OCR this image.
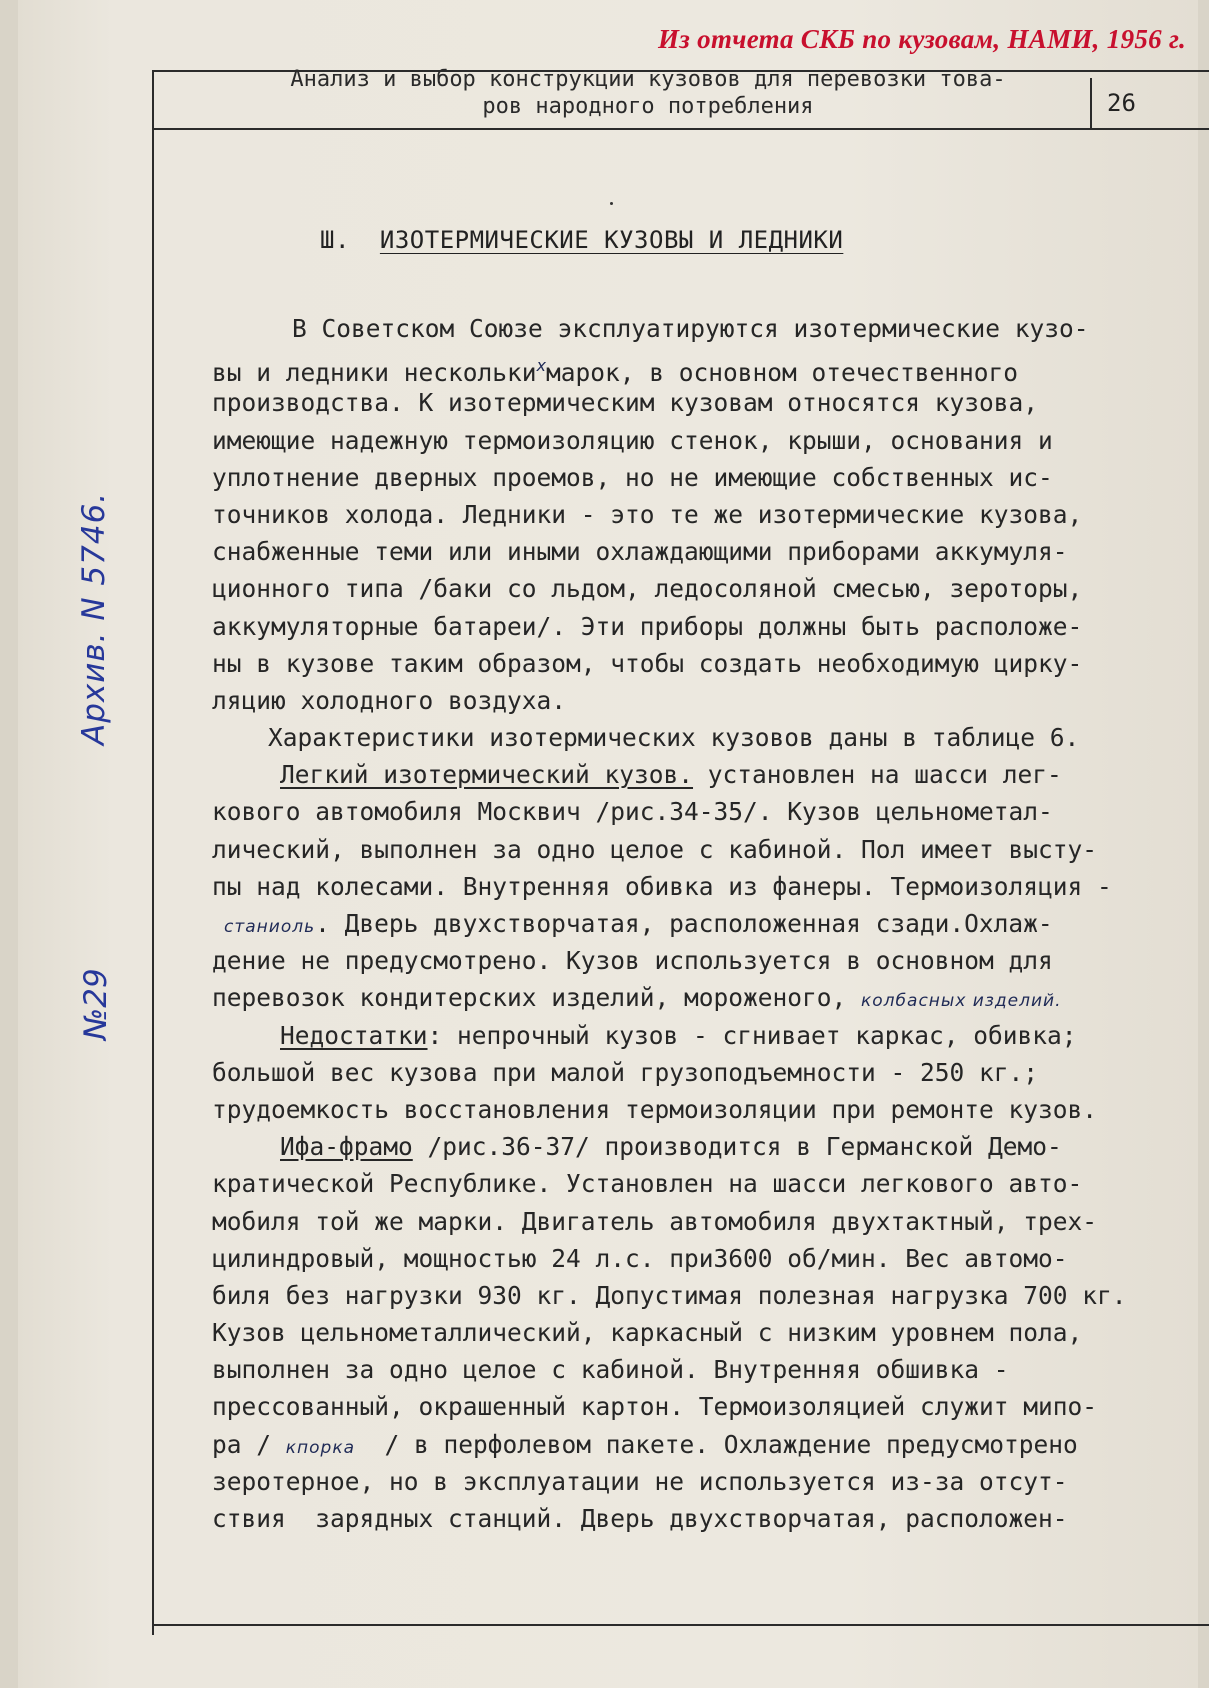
Из отчета СКБ по кузовам, НАМИ, 1956 г.
Анализ и выбор конструкции кузовов для перевозки това-
ров народного потребления	26
Ш. ИЗОТЕРМИЧЕСКИЕ КУЗОВЫ И ЛЕДНИКИ
Архив. N 5746.
№29
В Советском Союзе эксплуатируются изотермические кузо-
вы и ледники нескольки$^х$марок, в основном отечественного
производства. К изотермическим кузовам относятся кузова,
имеющие надежную термоизоляцию стенок, крыши, основания и
уплотнение дверных проемов, но не имеющие собственных ис-
точников холода. Ледники - это те же изотермические кузова,
снабженные теми или иными охлаждающими приборами аккумуля-
ционного типа /баки со льдом, ледосоляной смесью, зероторы,
аккумуляторные батареи/. Эти приборы должны быть расположе-
ны в кузове таким образом, чтобы создать необходимую цирку-
ляцию холодного воздуха.
Характеристики изотермических кузовов даны в таблице 6.
Легкий изотермический кузов. установлен на шасси лег-
кового автомобиля Москвич /рис.34-35/. Кузов цельнометал-
лический, выполнен за одно целое с кабиной. Пол имеет высту-
пы над колесами. Внутренняя обивка из фанеры. Термоизоляция -
станиоль. Дверь двухстворчатая, расположенная сзади.Охлаж-
дение не предусмотрено. Кузов используется в основном для
перевозок кондитерских изделий, мороженого, колбасных изделий.
Недостатки: непрочный кузов - сгнивает каркас, обивка;
большой вес кузова при малой грузоподъемности - 250 кг.;
трудоемкость восстановления термоизоляции при ремонте кузов.
Ифа-фрамо /рис.36-37/ производится в Германской Демо-
кратической Республике. Установлен на шасси легкового авто-
мобиля той же марки. Двигатель автомобиля двухтактный, трех-
цилиндровый, мощностью 24 л.с. при3600 об/мин. Вес автомо-
биля без нагрузки 930 кг. Допустимая полезная нагрузка 700 кг.
Кузов цельнометаллический, каркасный с низким уровнем пола,
выполнен за одно целое с кабиной. Внутренняя обшивка -
прессованный, окрашенный картон. Термоизоляцией служит мипо-
ра / кпорка  / в перфолевом пакете. Охлаждение предусмотрено
зеротерное, но в эксплуатации не используется из-за отсут-
ствия  зарядных станций. Дверь двухстворчатая, расположен-
